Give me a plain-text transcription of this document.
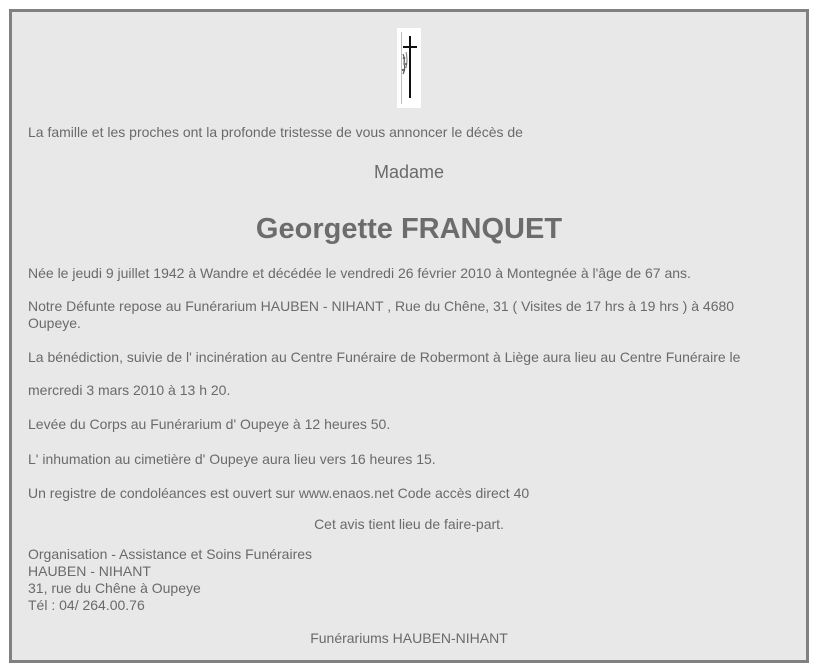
La famille et les proches ont la profonde tristesse de vous annoncer le décès de

Madame

Georgette FRANQUET

Née le jeudi 9 juillet 1942 à Wandre et décédée le vendredi 26 février 2010 à Montegnée à l'âge de 67 ans.

Notre Défunte repose au Funérarium HAUBEN - NIHANT , Rue du Chêne, 31 ( Visites de 17 hrs à 19 hrs ) à 4680 Oupeye.

La bénédiction, suivie de l' incinération au Centre Funéraire de Robermont à Liège aura lieu au Centre Funéraire le

mercredi 3 mars 2010 à 13 h 20.

Levée du Corps au Funérarium d' Oupeye à 12 heures 50.

L' inhumation au cimetière d' Oupeye aura lieu vers 16 heures 15.

Un registre de condoléances est ouvert sur www.enaos.net Code accès direct 40

Cet avis tient lieu de faire-part.

Organisation - Assistance et Soins Funéraires
HAUBEN - NIHANT
31, rue du Chêne à Oupeye
Tél : 04/ 264.00.76

Funérariums HAUBEN-NIHANT
